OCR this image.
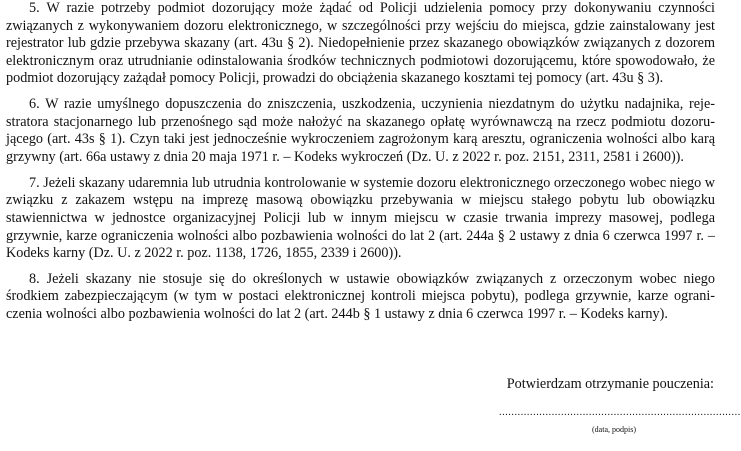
5. W razie potrzeby podmiot dozorujący może żądać od Policji udzielenia pomocy przy dokonywaniu czynności związanych z wykonywaniem dozoru elektronicznego, w szczególności przy wejściu do miejsca, gdzie zainstalowany jest rejestrator lub gdzie przebywa skazany (art. 43u § 2). Niedopełnienie przez skazanego obowiązków związanych z dozorem elektronicznym oraz utrudnianie odinstalowania środków technicznych podmiotowi dozorującemu, które spowodowało, że podmiot dozorujący zażądał pomocy Policji, prowadzi do obciążenia skazanego kosztami tej pomocy (art. 43u § 3).

6. W razie umyślnego dopuszczenia do zniszczenia, uszkodzenia, uczynienia niezdatnym do użytku nadajnika, rejestratora stacjonarnego lub przenośnego sąd może nałożyć na skazanego opłatę wyrównawczą na rzecz podmiotu dozorującego (art. 43s § 1). Czyn taki jest jednocześnie wykroczeniem zagrożonym karą aresztu, ograniczenia wolności albo karą grzywny (art. 66a ustawy z dnia 20 maja 1971 r. – Kodeks wykroczeń (Dz. U. z 2022 r. poz. 2151, 2311, 2581 i 2600)).

7. Jeżeli skazany udaremnia lub utrudnia kontrolowanie w systemie dozoru elektronicznego orzeczonego wobec niego w związku z zakazem wstępu na imprezę masową obowiązku przebywania w miejscu stałego pobytu lub obowiązku stawiennictwa w jednostce organizacyjnej Policji lub w innym miejscu w czasie trwania imprezy masowej, podlega grzywnie, karze ograniczenia wolności albo pozbawienia wolności do lat 2 (art. 244a § 2 ustawy z dnia 6 czerwca 1997 r. – Kodeks karny (Dz. U. z 2022 r. poz. 1138, 1726, 1855, 2339 i 2600)).

8. Jeżeli skazany nie stosuje się do określonych w ustawie obowiązków związanych z orzeczonym wobec niego środkiem zabezpieczającym (w tym w postaci elektronicznej kontroli miejsca pobytu), podlega grzywnie, karze ograniczenia wolności albo pozbawienia wolności do lat 2 (art. 244b § 1 ustawy z dnia 6 czerwca 1997 r. – Kodeks karny).

Potwierdzam otrzymanie pouczenia:
..............................................................................
(data, podpis)
